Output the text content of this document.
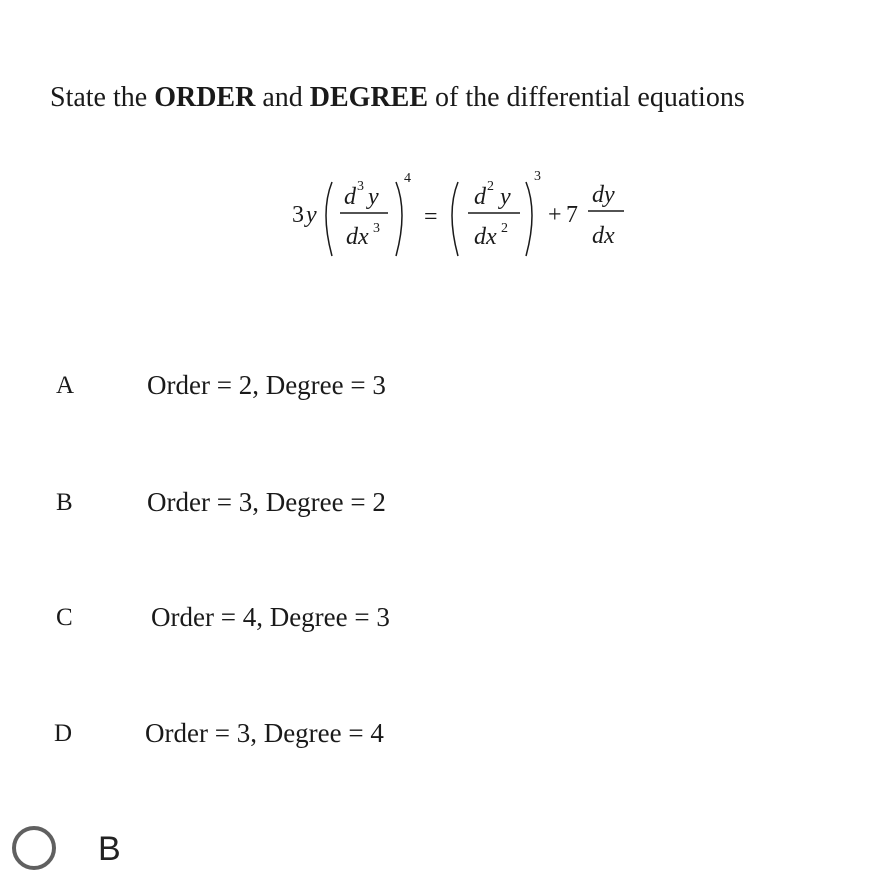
State the ORDER and DEGREE of the differential equations
3 y
d 3 y
dx 3
4
=
d 2 y
dx 2
3
+ 7
dy
dx
A	Order = 2, Degree = 3
B	Order = 3, Degree = 2
C	Order = 4, Degree = 3
D	Order = 3, Degree = 4
B
